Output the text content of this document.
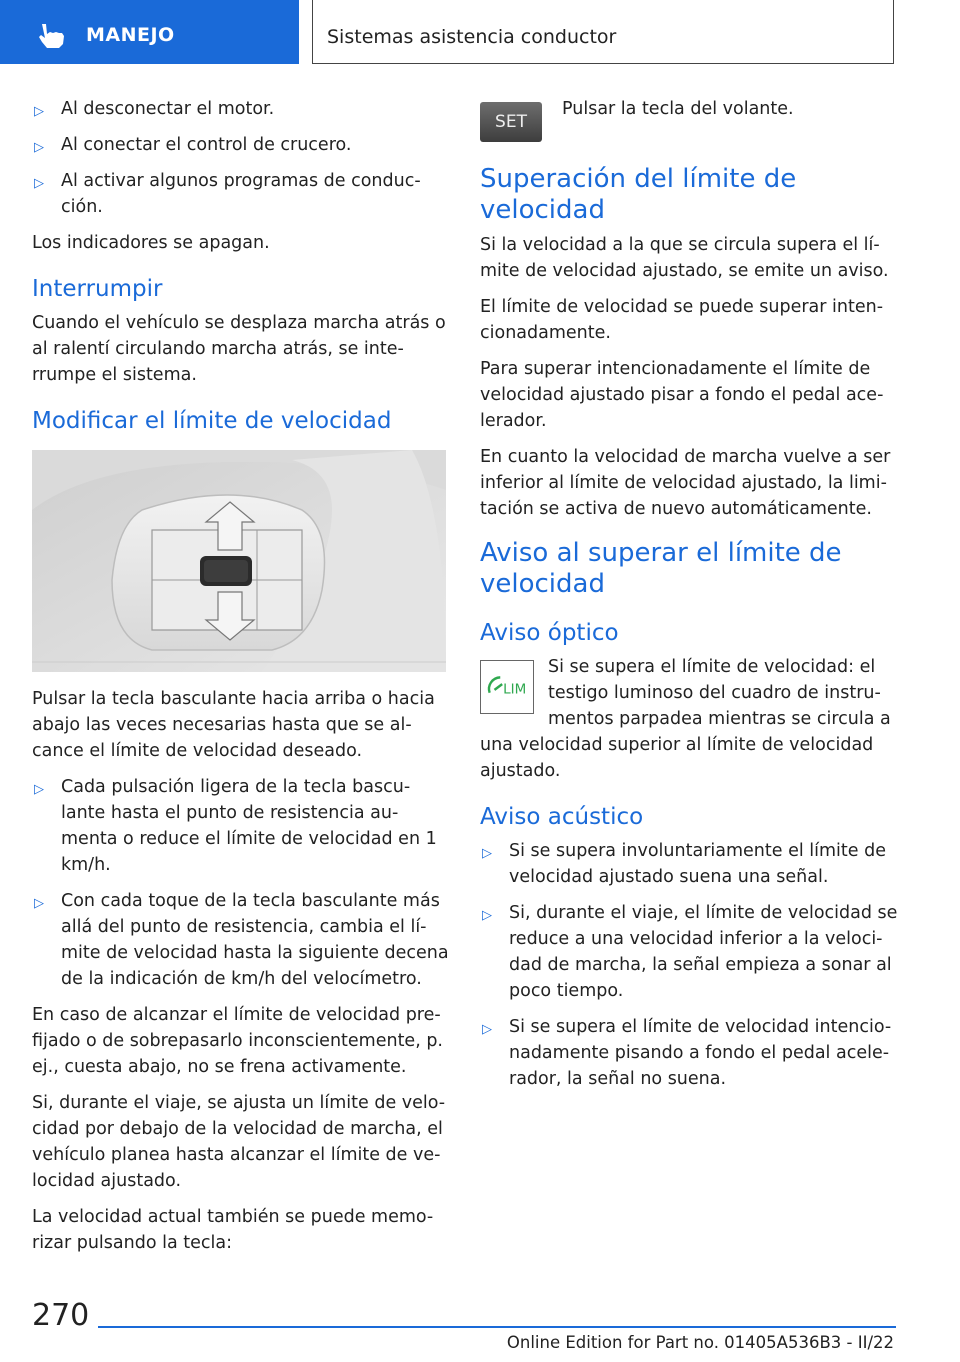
MANEJO	Sistemas asistencia conductor
▷ Al desconectar el motor.
▷ Al conectar el control de crucero.
▷ Al activar algunos programas de conduc-ción.

Los indicadores se apagan.

Interrumpir

Cuando el vehículo se desplaza marcha atrás o al ralentí circulando marcha atrás, se inte-rrumpe el sistema.

Modificar el límite de velocidad

Pulsar la tecla basculante hacia arriba o hacia abajo las veces necesarias hasta que se al-cance el límite de velocidad deseado.

▷ Cada pulsación ligera de la tecla bascu-lante hasta el punto de resistencia au-menta o reduce el límite de velocidad en 1 km/h.
▷ Con cada toque de la tecla basculante más allá del punto de resistencia, cambia el lí-mite de velocidad hasta la siguiente decena de la indicación de km/h del velocímetro.

En caso de alcanzar el límite de velocidad pre-fijado o de sobrepasarlo inconscientemente, p. ej., cuesta abajo, no se frena activamente.

Si, durante el viaje, se ajusta un límite de velo-cidad por debajo de la velocidad de marcha, el vehículo planea hasta alcanzar el límite de ve-locidad ajustado.

La velocidad actual también se puede memo-rizar pulsando la tecla:

SET
Pulsar la tecla del volante.
Superación del límite de velocidad

Si la velocidad a la que se circula supera el lí-mite de velocidad ajustado, se emite un aviso.

El límite de velocidad se puede superar inten-cionadamente.

Para superar intencionadamente el límite de velocidad ajustado pisar a fondo el pedal ace-lerador.

En cuanto la velocidad de marcha vuelve a ser inferior al límite de velocidad ajustado, la limi-tación se activa de nuevo automáticamente.

Aviso al superar el límite de velocidad
Aviso óptico
LIM

Si se supera el límite de velocidad: el testigo luminoso del cuadro de instru-mentos parpadea mientras se circula a una velocidad superior al límite de velocidad ajustado.

Aviso acústico
▷ Si se supera involuntariamente el límite de velocidad ajustado suena una señal.
▷ Si, durante el viaje, el límite de velocidad se reduce a una velocidad inferior a la veloci-dad de marcha, la señal empieza a sonar al poco tiempo.
▷ Si se supera el límite de velocidad intencio-nadamente pisando a fondo el pedal acele-rador, la señal no suena.
270
Online Edition for Part no. 01405A536B3 - II/22
